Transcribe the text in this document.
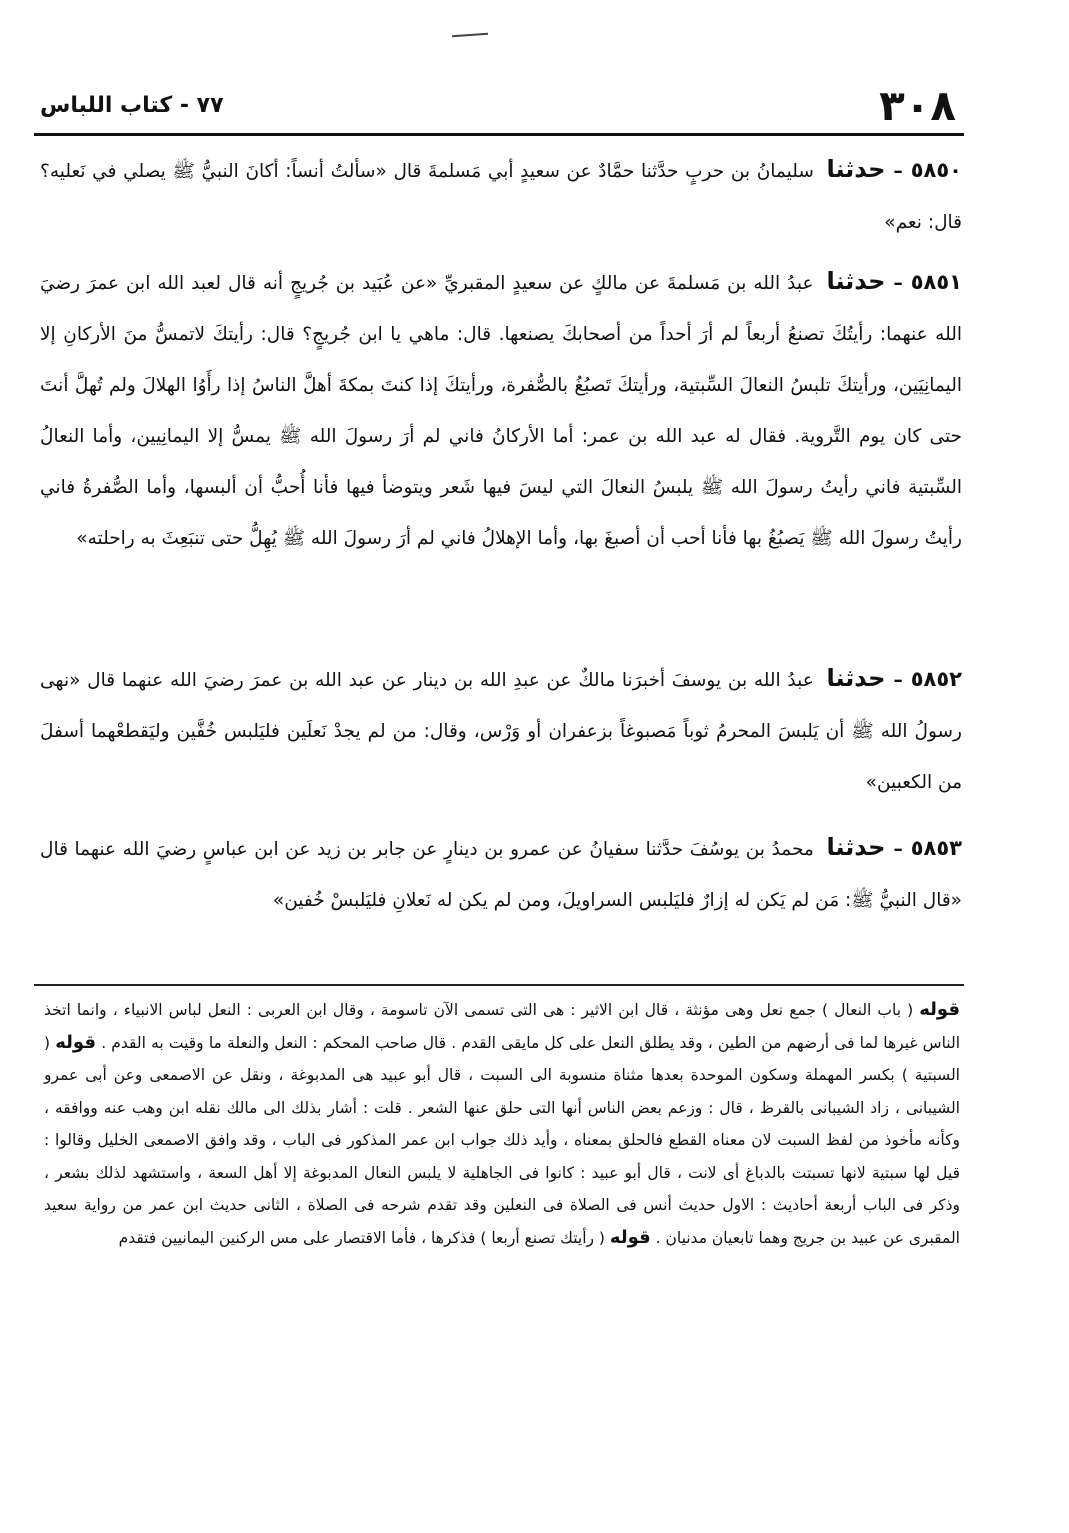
٣٠٨
٧٧ - كتاب اللباس
٥٨٥٠–حدثنا سليمانُ بن حربٍ حدَّثنا حمَّادٌ عن سعيدٍ أبي مَسلمةَ قال «سألتُ أنساً: أكانَ النبيُّ ﷺ يصلي في نَعليه؟ قال: نعم»
٥٨٥١–حدثنا عبدُ الله بن مَسلمةَ عن مالكٍ عن سعيدٍ المقبريِّ «عن عُبَيد بن جُريجٍ أنه قال لعبد الله ابن عمرَ رضيَ الله عنهما: رأيتُكَ تصنعُ أربعاً لم أرَ أحداً من أصحابكَ يصنعها. قال: ماهي يا ابن جُريجٍ؟ قال: رأيتكَ لاتمسُّ منَ الأركانِ إلا اليمانِيَين، ورأيتكَ تلبسُ النعالَ السِّبتية، ورأيتكَ تَصبُغُ بالصُّفرة، ورأيتكَ إذا كنتَ بمكةَ أهلَّ الناسُ إذا رأَوُا الهلالَ ولم تُهلَّ أنتَ حتى كان يوم التَّروية. فقال له عبد الله بن عمر: أما الأركانُ فاني لم أرَ رسولَ الله ﷺ يمسُّ إلا اليمانِيين، وأما النعالُ السِّبتية فاني رأيتُ رسولَ الله ﷺ يلبسُ النعالَ التي ليسَ فيها شَعر ويتوضأ فيها فأنا أُحبُّ أن ألبسها، وأما الصُّفرةُ فاني رأيتُ رسولَ الله ﷺ يَصبُغُ بها فأنا أحب أن أصبغَ بها، وأما الإهلالُ فاني لم أرَ رسولَ الله ﷺ يُهِلُّ حتى تنبَعِثَ به راحلته»
٥٨٥٢–حدثنا عبدُ الله بن يوسفَ أخبرَنا مالكٌ عن عبدِ الله بن دينار عن عبد الله بن عمرَ رضيَ الله عنهما قال «نهى رسولُ الله ﷺ أن يَلبسَ المحرمُ ثوباً مَصبوغاً بزعفران أو وَرْس، وقال: من لم يجدْ نَعلَين فليَلبس خُفَّين وليَقطعْهما أسفلَ من الكعبين»
٥٨٥٣–حدثنا محمدُ بن يوسُفَ حدَّثنا سفيانُ عن عمرو بن دينارٍ عن جابر بن زيد عن ابن عباسٍ رضيَ الله عنهما قال «قال النبيُّ ﷺ: مَن لم يَكن له إزارٌ فليَلبس السراويلَ، ومن لم يكن له نَعلانِ فليَلبسْ خُفين»
قوله ( باب النعال ) جمع نعل وهى مؤنثة ، قال ابن الاثير : هى التى تسمى الآن تاسومة ، وقال ابن العربى : النعل لباس الانبياء ، وانما اتخذ الناس غيرها لما فى أرضهم من الطين ، وقد يطلق النعل على كل مايقى القدم . قال صاحب المحكم : النعل والنعلة ما وقيت به القدم . قوله ( السبتية ) بكسر المهملة وسكون الموحدة بعدها مثناة منسوبة الى السبت ، قال أبو عبيد هى المدبوغة ، ونقل عن الاصمعى وعن أبى عمرو الشيبانى ، زاد الشيبانى بالقرظ ، قال : وزعم بعض الناس أنها التى حلق عنها الشعر . قلت : أشار بذلك الى مالك نقله ابن وهب عنه ووافقه ، وكأنه مأخوذ من لفظ السبت لان معناه القطع فالحلق بمعناه ، وأيد ذلك جواب ابن عمر المذكور فى الباب ، وقد وافق الاصمعى الخليل وقالوا : قيل لها سبتية لانها تسبتت بالدباغ أى لانت ، قال أبو عبيد : كانوا فى الجاهلية لا يلبس النعال المدبوغة إلا أهل السعة ، واستشهد لذلك بشعر ، وذكر فى الباب أربعة أحاديث : الاول حديث أنس فى الصلاة فى النعلين وقد تقدم شرحه فى الصلاة ، الثانى حديث ابن عمر من رواية سعيد المقبرى عن عبيد بن جريج وهما تابعيان مدنيان . قوله ( رأيتك تصنع أربعا ) فذكرها ، فأما الاقتصار على مس الركنين اليمانيين فتقدم
